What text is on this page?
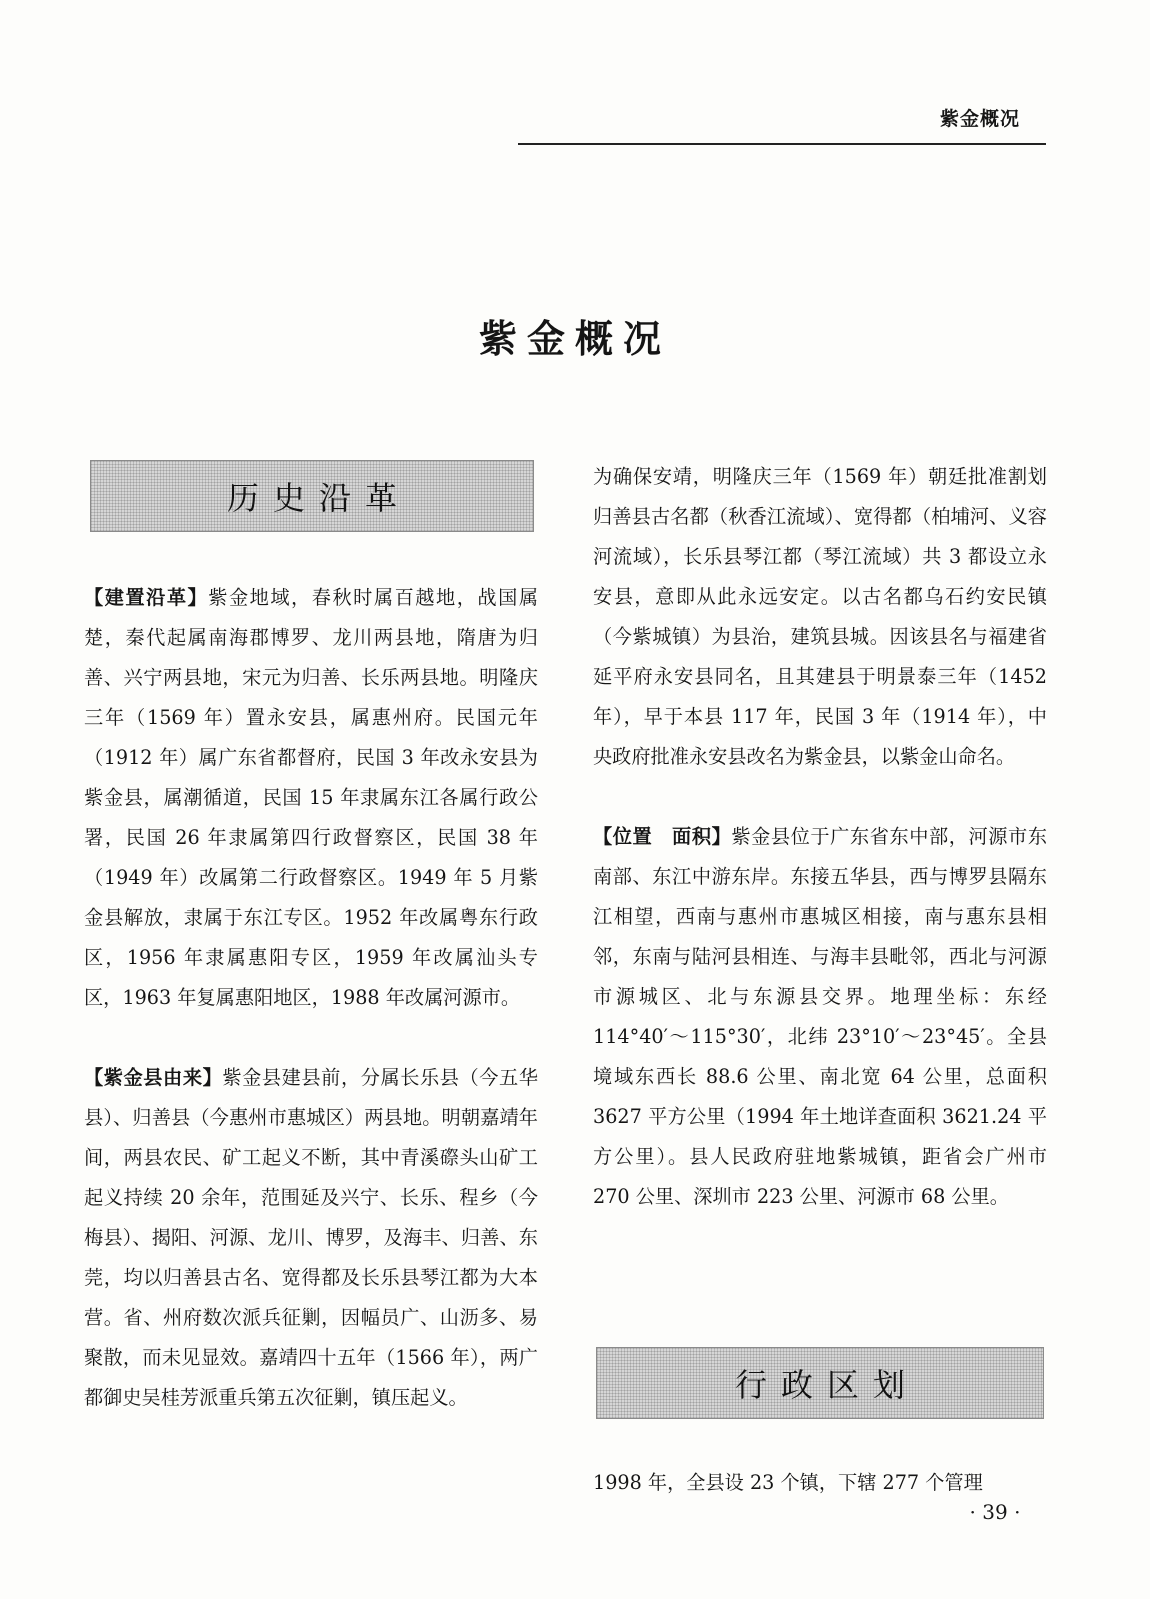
紫金概况
紫金概况
历史沿革

【建置沿革】紫金地域，春秋时属百越地，战国属楚，秦代起属南海郡博罗、龙川两县地，隋唐为归善、兴宁两县地，宋元为归善、长乐两县地。明隆庆三年（1569 年）置永安县，属惠州府。民国元年（1912 年）属广东省都督府，民国 3 年改永安县为紫金县，属潮循道，民国 15 年隶属东江各属行政公署，民国 26 年隶属第四行政督察区，民国 38 年（1949 年）改属第二行政督察区。1949 年 5 月紫金县解放，隶属于东江专区。1952 年改属粤东行政区，1956 年隶属惠阳专区，1959 年改属汕头专区，1963 年复属惠阳地区，1988 年改属河源市。

【紫金县由来】紫金县建县前，分属长乐县（今五华县）、归善县（今惠州市惠城区）两县地。明朝嘉靖年间，两县农民、矿工起义不断，其中青溪磜头山矿工起义持续 20 余年，范围延及兴宁、长乐、程乡（今梅县）、揭阳、河源、龙川、博罗，及海丰、归善、东莞，均以归善县古名、宽得都及长乐县琴江都为大本营。省、州府数次派兵征剿，因幅员广、山沥多、易聚散，而未见显效。嘉靖四十五年（1566 年），两广都御史吴桂芳派重兵第五次征剿，镇压起义。

为确保安靖，明隆庆三年（1569 年）朝廷批准割划归善县古名都（秋香江流域）、宽得都（柏埔河、义容河流域），长乐县琴江都（琴江流域）共 3 都设立永安县，意即从此永远安定。以古名都乌石约安民镇（今紫城镇）为县治，建筑县城。因该县名与福建省延平府永安县同名，且其建县于明景泰三年（1452 年），早于本县 117 年，民国 3 年（1914 年），中央政府批准永安县改名为紫金县，以紫金山命名。

【位置　面积】紫金县位于广东省东中部，河源市东南部、东江中游东岸。东接五华县，西与博罗县隔东江相望，西南与惠州市惠城区相接，南与惠东县相邻，东南与陆河县相连、与海丰县毗邻，西北与河源市源城区、北与东源县交界。地理坐标：东经 114°40′～115°30′，北纬 23°10′～23°45′。全县境域东西长 88.6 公里、南北宽 64 公里，总面积 3627 平方公里（1994 年土地详查面积 3621.24 平方公里）。县人民政府驻地紫城镇，距省会广州市 270 公里、深圳市 223 公里、河源市 68 公里。

行政区划

1998 年，全县设 23 个镇，下辖 277 个管理

· 39 ·
